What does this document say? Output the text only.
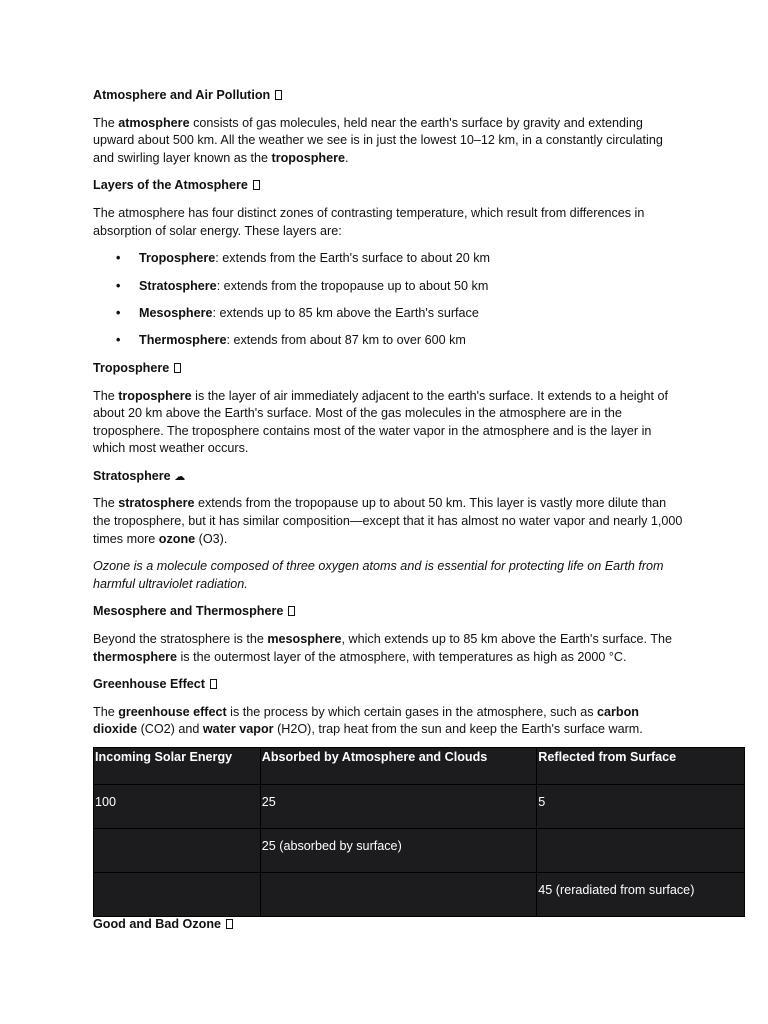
Atmosphere and Air Pollution

The atmosphere consists of gas molecules, held near the earth's surface by gravity and extending upward about 500 km. All the weather we see is in just the lowest 10–12 km, in a constantly circulating and swirling layer known as the troposphere.

Layers of the Atmosphere

The atmosphere has four distinct zones of contrasting temperature, which result from differences in absorption of solar energy. These layers are:

• Troposphere: extends from the Earth's surface to about 20 km
• Stratosphere: extends from the tropopause up to about 50 km
• Mesosphere: extends up to 85 km above the Earth's surface
• Thermosphere: extends from about 87 km to over 600 km
Troposphere

The troposphere is the layer of air immediately adjacent to the earth's surface. It extends to a height of about 20 km above the Earth's surface. Most of the gas molecules in the atmosphere are in the troposphere. The troposphere contains most of the water vapor in the atmosphere and is the layer in which most weather occurs.

Stratosphere ☁

The stratosphere extends from the tropopause up to about 50 km. This layer is vastly more dilute than the troposphere, but it has similar composition—except that it has almost no water vapor and nearly 1,000 times more ozone (O3).

Ozone is a molecule composed of three oxygen atoms and is essential for protecting life on Earth from harmful ultraviolet radiation.

Mesosphere and Thermosphere

Beyond the stratosphere is the mesosphere, which extends up to 85 km above the Earth's surface. The thermosphere is the outermost layer of the atmosphere, with temperatures as high as 2000 °C.

Greenhouse Effect

The greenhouse effect is the process by which certain gases in the atmosphere, such as carbon dioxide (CO2) and water vapor (H2O), trap heat from the sun and keep the Earth's surface warm.

Incoming Solar Energy	Absorbed by Atmosphere and Clouds	Reflected from Surface
100	25	5
	25 (absorbed by surface)	
		45 (reradiated from surface)
Good and Bad Ozone
